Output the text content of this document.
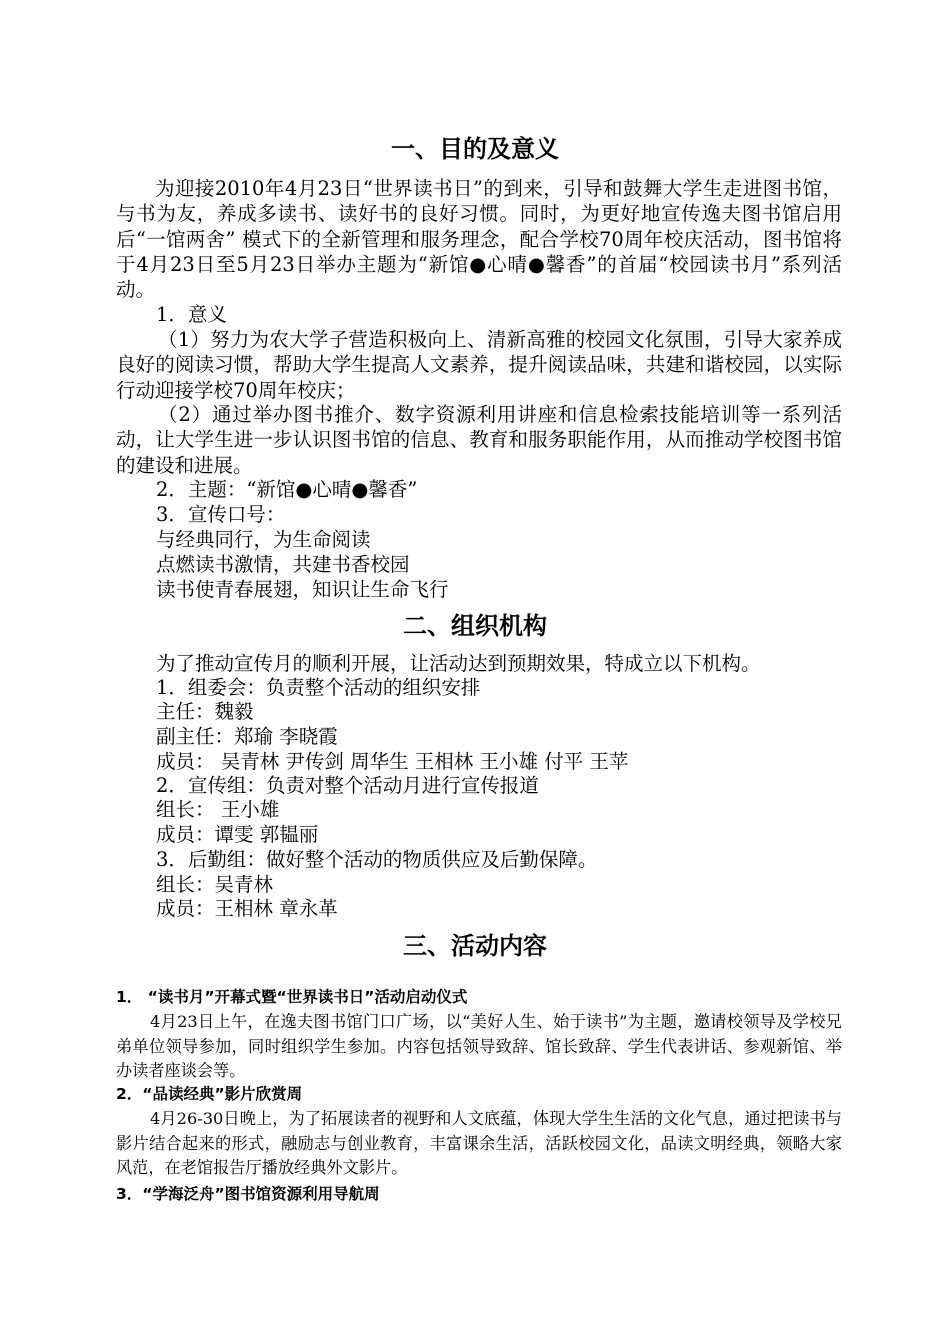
一、目的及意义
为迎接2010年4月23日“世界读书日”的到来，引导和鼓舞大学生走进图书馆，与书为友，养成多读书、读好书的良好习惯。同时，为更好地宣传逸夫图书馆启用后“一馆两舍” 模式下的全新管理和服务理念，配合学校70周年校庆活动，图书馆将于4月23日至5月23日举办主题为“新馆●心晴●馨香”的首届“校园读书月”系列活动。
1．意义
（1）努力为农大学子营造积极向上、清新高雅的校园文化氛围，引导大家养成良好的阅读习惯，帮助大学生提高人文素养，提升阅读品味，共建和谐校园，以实际行动迎接学校70周年校庆；
（2）通过举办图书推介、数字资源利用讲座和信息检索技能培训等一系列活动，让大学生进一步认识图书馆的信息、教育和服务职能作用，从而推动学校图书馆的建设和进展。
2．主题：“新馆●心晴●馨香”
3．宣传口号：
与经典同行，为生命阅读
点燃读书激情，共建书香校园
读书使青春展翅，知识让生命飞行
二、组织机构
为了推动宣传月的顺利开展，让活动达到预期效果，特成立以下机构。
1．组委会：负责整个活动的组织安排
主任：魏毅
副主任：郑瑜 李晓霞
成员： 吴青林 尹传剑 周华生 王相林 王小雄 付平 王苹
2．宣传组：负责对整个活动月进行宣传报道
组长： 王小雄
成员：谭雯 郭韫丽
3．后勤组：做好整个活动的物质供应及后勤保障。
组长：吴青林
成员：王相林 章永革
三、活动内容
1． “读书月”开幕式暨“世界读书日”活动启动仪式
4月23日上午，在逸夫图书馆门口广场，以“美好人生、始于读书”为主题，邀请校领导及学校兄弟单位领导参加，同时组织学生参加。内容包括领导致辞、馆长致辞、学生代表讲话、参观新馆、举办读者座谈会等。
2．“品读经典”影片欣赏周
4月26-30日晚上，为了拓展读者的视野和人文底蕴，体现大学生生活的文化气息，通过把读书与影片结合起来的形式，融励志与创业教育，丰富课余生活，活跃校园文化，品读文明经典，领略大家风范，在老馆报告厅播放经典外文影片。
3．“学海泛舟”图书馆资源利用导航周
